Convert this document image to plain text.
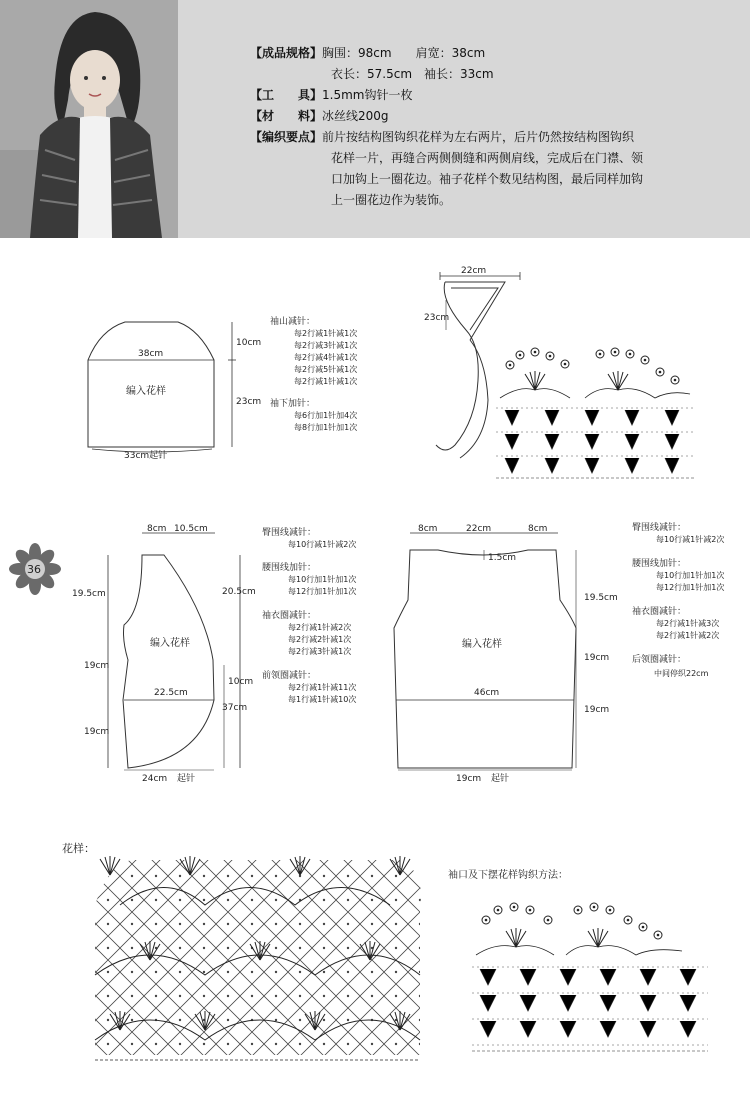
【成品规格】胸围：98cm　　肩宽：38cm
衣长：57.5cm　袖长：33cm
【工　　具】1.5mm钩针一枚
【材　　料】冰丝线200g
【编织要点】前片按结构图钩织花样为左右两片，后片仍然按结构图钩织
花样一片，再缝合两侧侧缝和两侧肩线，完成后在门襟、领
口加钩上一圈花边。袖子花样个数见结构图，最后同样加钩
上一圈花边作为装饰。
38cm
编入花样
33cm起针
10cm
23cm
袖山减针：
每2行减1针减1次
每2行减3针减1次
每2行减4针减1次
每2行减5针减1次
每2行减1针减1次
袖下加针：
每6行加1针加4次
每8行加1针加1次
22cm
23cm
8cm 10.5cm
19.5cm
19cm
19cm
20.5cm
10cm
37cm
编入花样
22.5cm
24cm 起针
臀围线减针：
每10行减1针减2次
腰围线加针：
每10行加1针加1次
每12行加1针加1次
袖衣圈减针：
每2行减1针减2次
每2行减2针减1次
每2行减3针减1次
前领圈减针：
每2行减1针减11次
每1行减1针减10次
8cm	22cm	8cm
1.5cm
19.5cm
19cm
19cm
编入花样
46cm
19cm 起针
臀围线减针：
每10行减1针减2次
腰围线加针：
每10行加1针加1次
每12行加1针加1次
袖衣圈减针：
每2行减1针减3次
每2行减1针减2次
后领圈减针：
中间停织22cm
36
花样：
袖口及下摆花样钩织方法：
